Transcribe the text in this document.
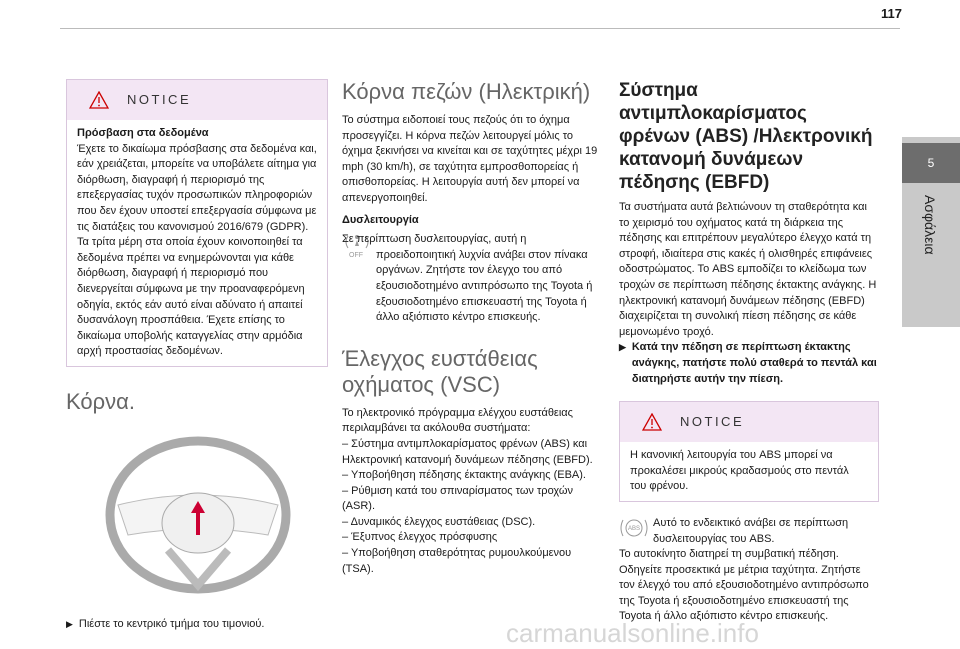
117
5
Ασφάλεια
NOTICE

Πρόσβαση στα δεδομένα

Έχετε το δικαίωμα πρόσβασης στα δεδομένα και, εάν χρειάζεται, μπορείτε να υποβάλετε αίτημα για διόρθωση, διαγραφή ή περιορισμό της επεξεργασίας τυχόν προσωπικών πληροφοριών που δεν έχουν υποστεί επεξεργασία σύμφωνα με τις διατάξεις του κανονισμού 2016/679 (GDPR). Τα τρίτα μέρη στα οποία έχουν κοινοποιηθεί τα δεδομένα πρέπει να ενημερώνονται για κάθε διόρθωση, διαγραφή ή περιορισμό που διενεργείται σύμφωνα με την προαναφερόμενη οδηγία, εκτός εάν αυτό είναι αδύνατο ή απαιτεί δυσανάλογη προσπάθεια. Έχετε επίσης το δικαίωμα υποβολής καταγγελίας στην αρμόδια αρχή προστασίας δεδομένων.

Κόρνα.
▶ Πιέστε το κεντρικό τμήμα του τιμονιού.
Κόρνα πεζών (Ηλεκτρική)

Το σύστημα ειδοποιεί τους πεζούς ότι το όχημα προσεγγίζει. Η κόρνα πεζών λειτουργεί μόλις το όχημα ξεκινήσει να κινείται και σε ταχύτητες μέχρι 19 mph (30 km/h), σε ταχύτητα εμπροσθοπορείας ή οπισθοπορείας. Η λειτουργία αυτή δεν μπορεί να απενεργοποιηθεί.

Δυσλειτουργία

OFF

Σε περίπτωση δυσλειτουργίας, αυτή η προειδοποιητική λυχνία ανάβει στον πίνακα οργάνων. Ζητήστε τον έλεγχο του από εξουσιοδοτημένο αντιπρόσωπο της Toyota ή εξουσιοδοτημένο επισκευαστή της Toyota ή άλλο αξιόπιστο κέντρο επισκευής.

Έλεγχος ευστάθειας οχήματος (VSC)

Το ηλεκτρονικό πρόγραμμα ελέγχου ευστάθειας περιλαμβάνει τα ακόλουθα συστήματα:

– Σύστημα αντιμπλοκαρίσματος φρένων (ABS) και Ηλεκτρονική κατανομή δυνάμεων πέδησης (EBFD).

– Υποβοήθηση πέδησης έκτακτης ανάγκης (EBA).

– Ρύθμιση κατά του σπιναρίσματος των τροχών (ASR).

– Δυναμικός έλεγχος ευστάθειας (DSC).

– Έξυπνος έλεγχος πρόσφυσης

– Υποβοήθηση σταθερότητας ρυμουλκούμενου (TSA).

Σύστημα αντιμπλοκαρίσματος φρένων (ABS) /Ηλεκτρονική κατανομή δυνάμεων πέδησης (EBFD)

Τα συστήματα αυτά βελτιώνουν τη σταθερότητα και το χειρισμό του οχήματος κατά τη διάρκεια της πέδησης και επιτρέπουν μεγαλύτερο έλεγχο κατά τη στροφή, ιδιαίτερα στις κακές ή ολισθηρές επιφάνειες οδοστρώματος. Το ABS εμποδίζει το κλείδωμα των τροχών σε περίπτωση πέδησης έκτακτης ανάγκης. Η ηλεκτρονική κατανομή δυνάμεων πέδησης (EBFD) διαχειρίζεται τη συνολική πίεση πέδησης σε κάθε μεμονωμένο τροχό.

▶ Κατά την πέδηση σε περίπτωση έκτακτης ανάγκης, πατήστε πολύ σταθερά το πεντάλ και διατηρήστε αυτήν την πίεση.
NOTICE

Η κανονική λειτουργία του ABS μπορεί να προκαλέσει μικρούς κραδασμούς στο πεντάλ του φρένου.

ABS Αυτό το ενδεικτικό ανάβει σε περίπτωση δυσλειτουργίας του ABS.

Το αυτοκίνητο διατηρεί τη συμβατική πέδηση. Οδηγείτε προσεκτικά με μέτρια ταχύτητα. Ζητήστε τον έλεγχό του από εξουσιοδοτημένο αντιπρόσωπο της Toyota ή εξουσιοδοτημένο επισκευαστή της Toyota ή άλλο αξιόπιστο κέντρο επισκευής.

carmanualsonline.info
